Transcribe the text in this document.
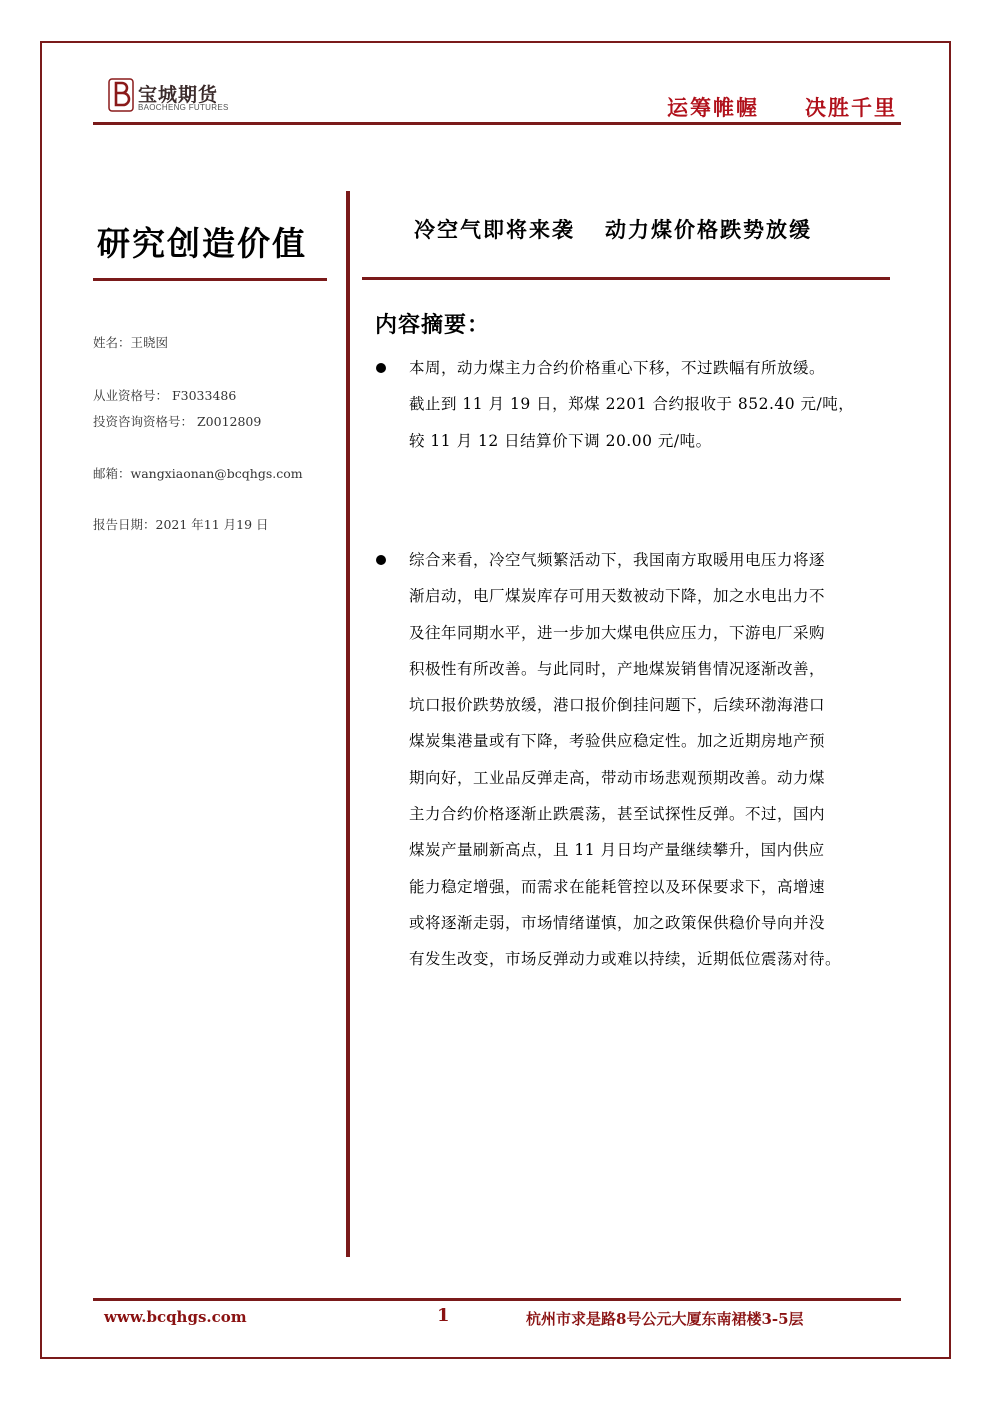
宝城期货
BAOCHENG FUTURES	运筹帷幄 决胜千里
研究创造价值
姓名：王晓囡
从业资格号： F3033486
投资咨询资格号： Z0012809
邮箱：wangxiaonan@bcqhgs.com
报告日期：2021 年11 月19 日
冷空气即将来袭 动力煤价格跌势放缓
内容摘要：
本周，动力煤主力合约价格重心下移，不过跌幅有所放缓。
截止到 11 月 19 日，郑煤 2201 合约报收于 852.40 元/吨，
较 11 月 12 日结算价下调 20.00 元/吨。
综合来看，冷空气频繁活动下，我国南方取暖用电压力将逐
渐启动，电厂煤炭库存可用天数被动下降，加之水电出力不
及往年同期水平，进一步加大煤电供应压力，下游电厂采购
积极性有所改善。与此同时，产地煤炭销售情况逐渐改善，
坑口报价跌势放缓，港口报价倒挂问题下，后续环渤海港口
煤炭集港量或有下降，考验供应稳定性。加之近期房地产预
期向好，工业品反弹走高，带动市场悲观预期改善。动力煤
主力合约价格逐渐止跌震荡，甚至试探性反弹。不过，国内
煤炭产量刷新高点，且 11 月日均产量继续攀升，国内供应
能力稳定增强，而需求在能耗管控以及环保要求下，高增速
或将逐渐走弱，市场情绪谨慎，加之政策保供稳价导向并没
有发生改变，市场反弹动力或难以持续，近期低位震荡对待。
www.bcqhgs.com	1	杭州市求是路8号公元大厦东南裙楼3-5层
